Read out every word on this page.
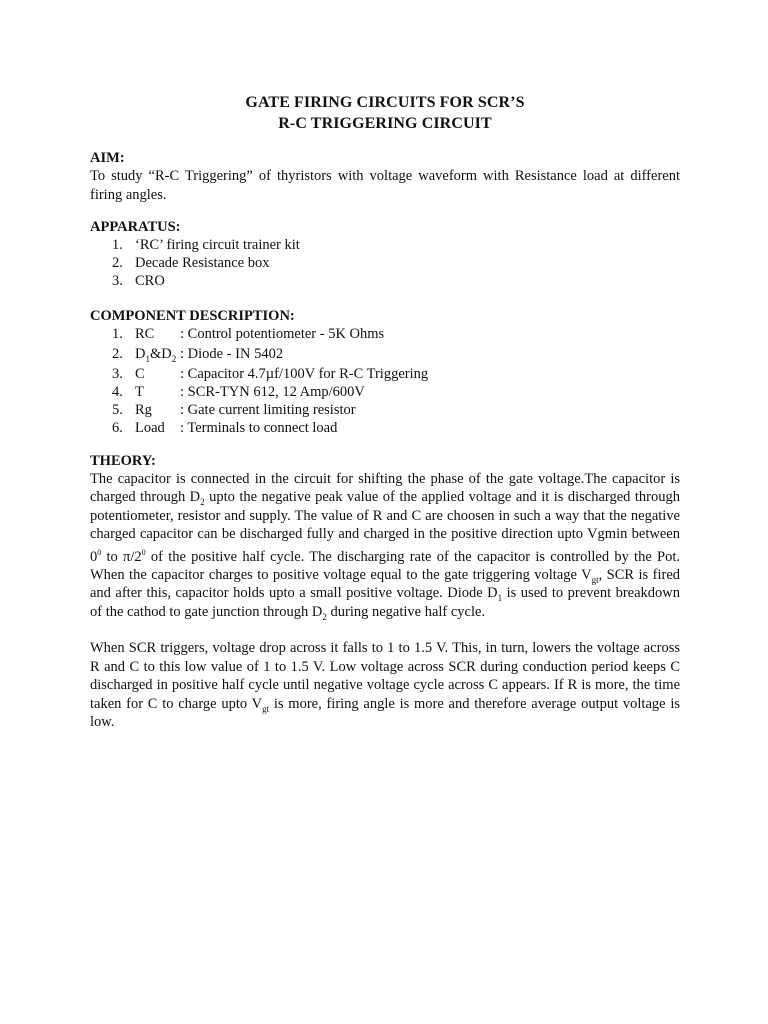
GATE FIRING CIRCUITS FOR SCR’S

R-C TRIGGERING CIRCUIT

AIM:

To study “R-C Triggering” of thyristors with voltage waveform with Resistance load at different firing angles.

APPARATUS:

1. ‘RC’ firing circuit trainer kit
2. Decade Resistance box
3. CRO

COMPONENT DESCRIPTION:

1. RC : Control potentiometer - 5K Ohms
2. $D_1\&D_2$ : Diode - IN 5402
3. C : Capacitor 4.7µf/100V for R-C Triggering
4. T : SCR-TYN 612, 12 Amp/600V
5. Rg : Gate current limiting resistor
6. Load : Terminals to connect load

THEORY:

The capacitor is connected in the circuit for shifting the phase of the gate voltage.The capacitor is charged through $D_2$ upto the negative peak value of the applied voltage and it is discharged through potentiometer, resistor and supply. The value of R and C are choosen in such a way that the negative charged capacitor can be discharged fully and charged in the positive direction upto Vgmin between $0^0$ to $\pi/2^0$ of the positive half cycle. The discharging rate of the capacitor is controlled by the Pot. When the capacitor charges to positive voltage equal to the gate triggering voltage $V_{gt}$, SCR is fired and after this, capacitor holds upto a small positive voltage. Diode $D_1$ is used to prevent breakdown of the cathod to gate junction through $D_2$ during negative half cycle.

When SCR triggers, voltage drop across it falls to 1 to 1.5 V. This, in turn, lowers the voltage across R and C to this low value of 1 to 1.5 V. Low voltage across SCR during conduction period keeps C discharged in positive half cycle until negative voltage cycle across C appears. If R is more, the time taken for C to charge upto $V_{gt}$ is more, firing angle is more and therefore average output voltage is low.
